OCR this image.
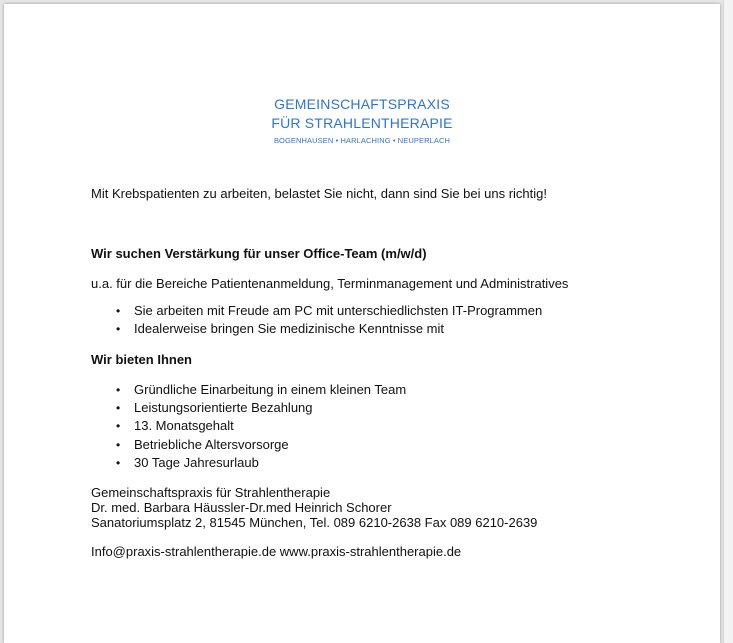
GEMEINSCHAFTSPRAXIS
FÜR STRAHLENTHERAPIE
BOGENHAUSEN • HARLACHING • NEUPERLACH
Mit Krebspatienten zu arbeiten, belastet Sie nicht, dann sind Sie bei uns richtig!
Wir suchen Verstärkung für unser Office-Team (m/w/d)
u.a. für die Bereiche Patientenanmeldung, Terminmanagement und Administratives
• Sie arbeiten mit Freude am PC mit unterschiedlichsten IT-Programmen
• Idealerweise bringen Sie medizinische Kenntnisse mit
Wir bieten Ihnen
• Gründliche Einarbeitung in einem kleinen Team
• Leistungsorientierte Bezahlung
• 13. Monatsgehalt
• Betriebliche Altersvorsorge
• 30 Tage Jahresurlaub
Gemeinschaftspraxis für Strahlentherapie
Dr. med. Barbara Häussler-Dr.med Heinrich Schorer
Sanatoriumsplatz 2, 81545 München, Tel. 089 6210-2638 Fax 089 6210-2639
Info@praxis-strahlentherapie.de www.praxis-strahlentherapie.de
